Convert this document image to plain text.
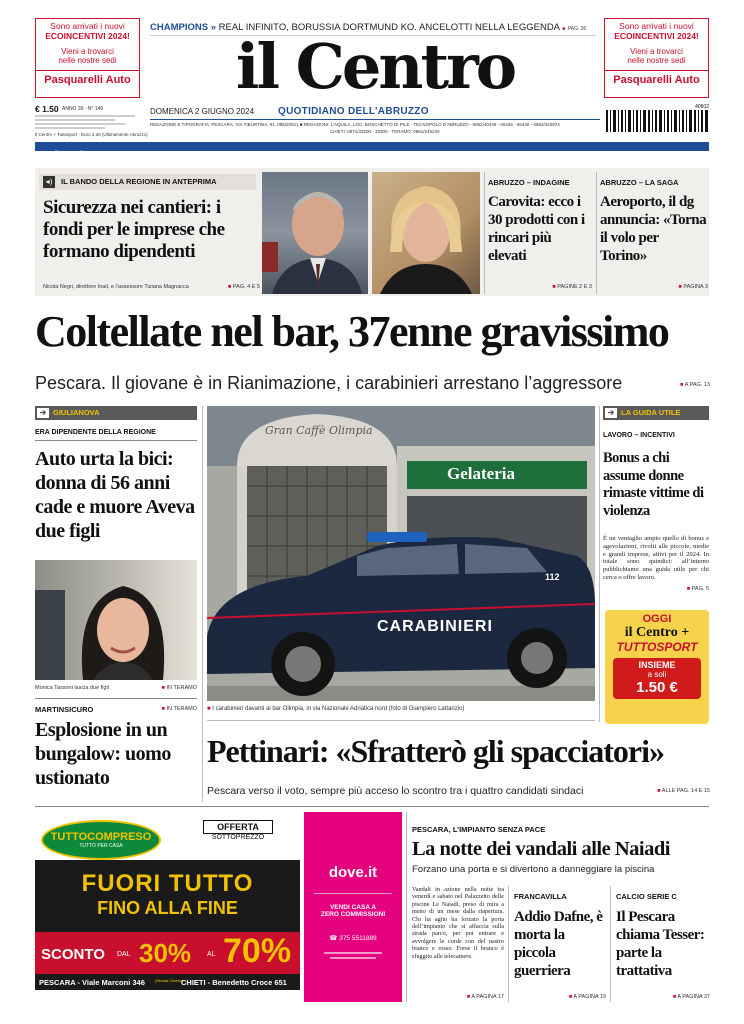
Sono arrivati i nuovi
ECOINCENTIVI 2024!
Vieni a trovarci
nelle nostre sedi
Pasquarelli Auto
Sono arrivati i nuovi
ECOINCENTIVI 2024!
Vieni a trovarci
nelle nostre sedi
Pasquarelli Auto
CHAMPIONS » REAL INFINITO, BORUSSIA DORTMUND KO. ANCELOTTI NELLA LEGGENDA ■ PAG. 36
il Centro
DOMENICA 2 GIUGNO 2024 QUOTIDIANO DELL’ABRUZZO
REDAZIONE E TIPOGRAFIA: PESCARA, VIA TIBURTINA, 91, 085/20521 ■ REDAZIONI: L’AQUILA, LOC. BOSCHETTO DI PILE - TECNOPOLO D’ABRUZZO - 0862/40449 - 66445 - 66446 - 0862/410974
CHIETI: 0871/33200 - 33300 - TERAMO: 0861/245230
€ 1.50 ANNO 39 - N° 146
Il Centro + Tuttosport - Euro 2,30 (Ultimamente Abruzzo)
40602
www.ilcentro.it
◂)	IL BANDO DELLA REGIONE IN ANTEPRIMA
Sicurezza nei cantieri: i fondi per le imprese che formano dipendenti
Nicola Negri, direttore Inail, e l’assessore Tiziana Magnacca	■ PAG. 4 E 5
ABRUZZO – INDAGINE
Carovita: ecco i 30 prodotti con i rincari più elevati
■ PAGINE 2 E 3
ABRUZZO – LA SAGA
Aeroporto, il dg annuncia: «Torna il volo per Torino»
■ PAGINA 3
Coltellate nel bar, 37enne gravissimo
Pescara. Il giovane è in Rianimazione, i carabinieri arrestano l’aggressore	■ A PAG. 13
➔ GIULIANOVA
ERA DIPENDENTE DELLA REGIONE
Auto urta la bici: donna di 56 anni cade e muore Aveva due figli
Monica Tassoni lascia due figli	■ IN TERAMO
MARTINSICURO	■ IN TERAMO
Esplosione in un bungalow: uomo ustionato
Gran Caffè Olimpia
Gelateria
CARABINIERI
112
■ I carabinieri davanti al bar Olimpia, in via Nazionale Adriatica nord (foto di Giampiero Lattanzio)
Pettinari: «Sfratterò gli spacciatori»
Pescara verso il voto, sempre più acceso lo scontro tra i quattro candidati sindaci	■ ALLE PAG. 14 E 15
➔ LA GUIDA UTILE
LAVORO – INCENTIVI
Bonus a chi assume donne rimaste vittime di violenza
È un ventaglio ampio quello di bonus e agevolazioni, rivolti alle piccole, medie e grandi imprese, attivi per il 2024. In totale sono quindici: all’interno pubblichiamo una guida utile per chi cerca o offre lavoro.
■ PAG. 5
OGGI
il Centro +
TUTTOSPORT
INSIEME
a soli
1.50 €
TUTTOCOMPRESO
TUTTO PER CASA
OFFERTA
SOTTOPREZZO
FUORI TUTTO
FINO ALLA FINE
SCONTO DAL 30% AL 70%
PESCARA - Viale Marconi 346	(Strada Cinese)
CHIETI - Benedetto Croce 651
dove.it
VENDI CASA A
ZERO COMMISSIONI
☎ 375 5511889
PESCARA, L’IMPIANTO SENZA PACE
La notte dei vandali alle Naiadi
Forzano una porta e si divertono a danneggiare la piscina
Vandali in azione nella notte tra venerdì e sabato nel Palazzetto delle piscine Le Naiadi, preso di mira a meno di un mese dalla riapertura. Chi ha agito ha forzato la porta dell’impianto che si affaccia sulla strada parco, per poi entrare e avvolgere le corde con del nastro bianco e rosso. Forse il branco è sfuggito alle telecamere.
■ A PAGINA 17
FRANCAVILLA
Addio Dafne, è morta la piccola guerriera
■ A PAGINA 19
CALCIO SERIE C
Il Pescara chiama Tesser: parte la trattativa
■ A PAGINA 37
